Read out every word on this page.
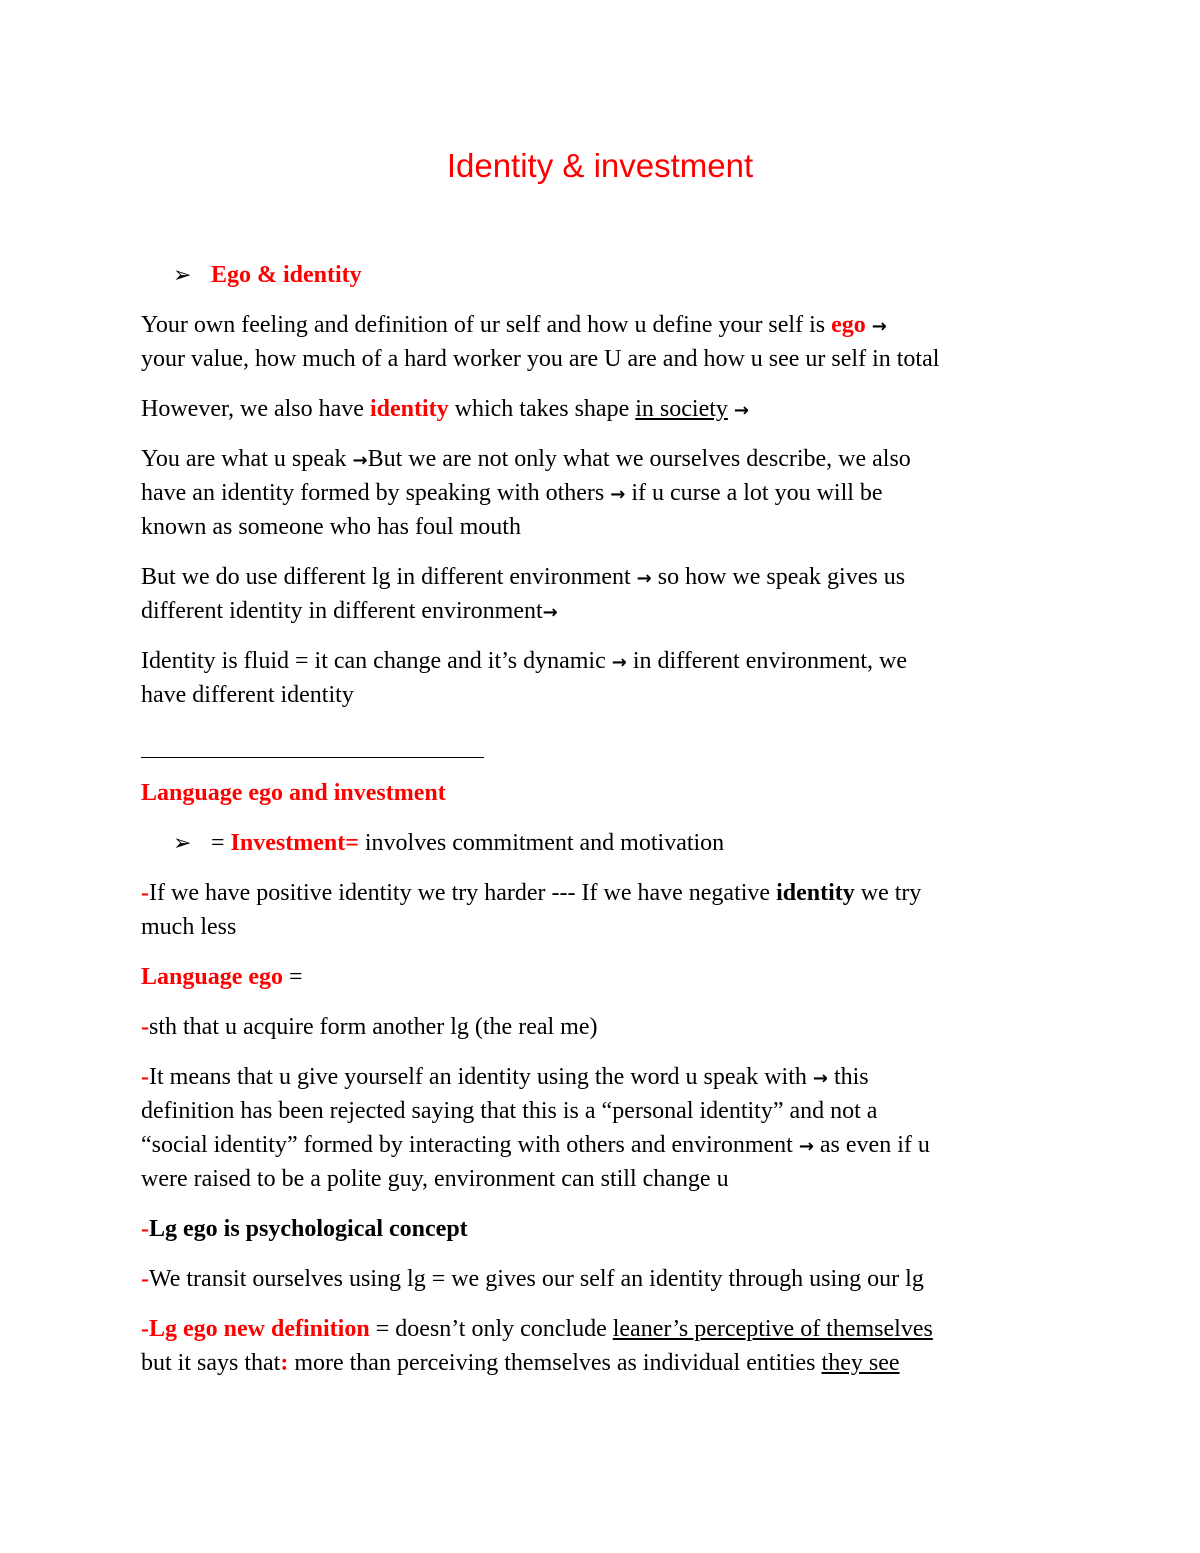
Identity & investment
➢ Ego & identity
Your own feeling and definition of ur self and how u define your self is ego →
your value, how much of a hard worker you are U are and how u see ur self in total
However, we also have identity which takes shape in society →
You are what u speak →But we are not only what we ourselves describe, we also
have an identity formed by speaking with others → if u curse a lot you will be
known as someone who has foul mouth
But we do use different lg in different environment → so how we speak gives us
different identity in different environment→
Identity is fluid = it can change and it’s dynamic → in different environment, we
have different identity
Language ego and investment
➢ = Investment= involves commitment and motivation
-If we have positive identity we try harder --- If we have negative identity we try
much less
Language ego =
-sth that u acquire form another lg (the real me)
-It means that u give yourself an identity using the word u speak with → this
definition has been rejected saying that this is a “personal identity” and not a
“social identity” formed by interacting with others and environment → as even if u
were raised to be a polite guy, environment can still change u
-Lg ego is psychological concept
-We transit ourselves using lg = we gives our self an identity through using our lg
-Lg ego new definition = doesn’t only conclude leaner’s perceptive of themselves
but it says that: more than perceiving themselves as individual entities they see
